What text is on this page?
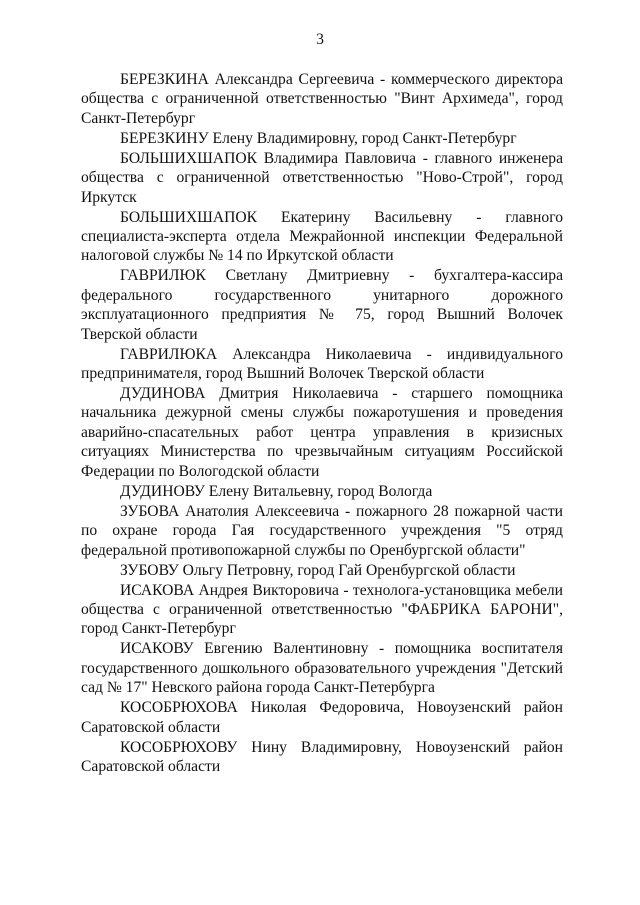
3

БЕРЕЗКИНА Александра Сергеевича - коммерческого директора общества с ограниченной ответственностью "Винт Архимеда", город Санкт-Петербург

БЕРЕЗКИНУ Елену Владимировну, город Санкт-Петербург

БОЛЬШИХШАПОК Владимира Павловича - главного инженера общества с ограниченной ответственностью "Ново-Строй", город Иркутск

БОЛЬШИХШАПОК Екатерину Васильевну - главного специалиста-эксперта отдела Межрайонной инспекции Федеральной налоговой службы № 14 по Иркутской области

ГАВРИЛЮК Светлану Дмитриевну - бухгалтера-кассира федерального государственного унитарного дорожного эксплуатационного предприятия № 75, город Вышний Волочек Тверской области

ГАВРИЛЮКА Александра Николаевича - индивидуального предпринимателя, город Вышний Волочек Тверской области

ДУДИНОВА Дмитрия Николаевича - старшего помощника начальника дежурной смены службы пожаротушения и проведения аварийно-спасательных работ центра управления в кризисных ситуациях Министерства по чрезвычайным ситуациям Российской Федерации по Вологодской области

ДУДИНОВУ Елену Витальевну, город Вологда

ЗУБОВА Анатолия Алексеевича - пожарного 28 пожарной части по охране города Гая государственного учреждения "5 отряд федеральной противопожарной службы по Оренбургской области"

ЗУБОВУ Ольгу Петровну, город Гай Оренбургской области

ИСАКОВА Андрея Викторовича - технолога-установщика мебели общества с ограниченной ответственностью "ФАБРИКА БАРОНИ", город Санкт-Петербург

ИСАКОВУ Евгению Валентиновну - помощника воспитателя государственного дошкольного образовательного учреждения "Детский сад № 17" Невского района города Санкт-Петербурга

КОСОБРЮХОВА Николая Федоровича, Новоузенский район Саратовской области

КОСОБРЮХОВУ Нину Владимировну, Новоузенский район Саратовской области
